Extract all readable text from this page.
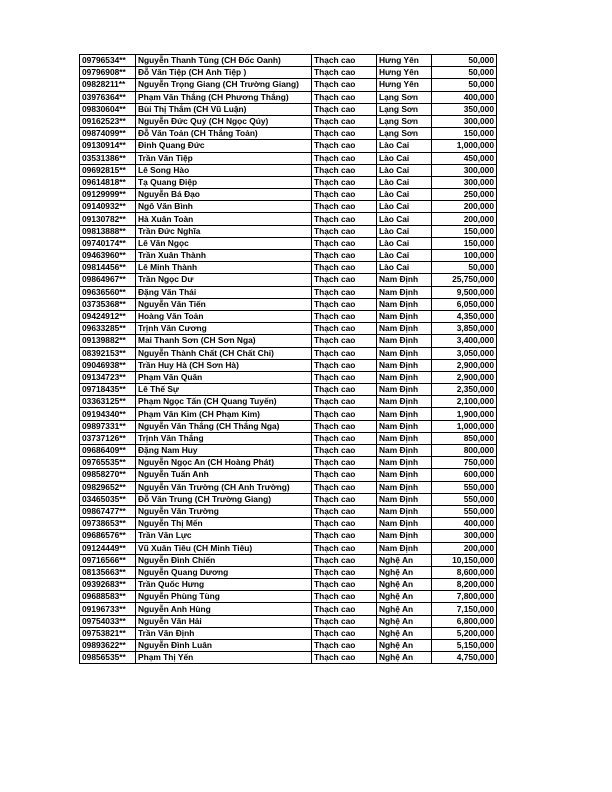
09796534**	Nguyễn Thanh Tùng (CH Đốc Oanh)	Thạch cao	Hưng Yên	50,000
09796908**	Đỗ Văn Tiệp (CH Anh Tiệp )	Thạch cao	Hưng Yên	50,000
09828211**	Nguyễn Trọng Giang (CH Trường Giang)	Thạch cao	Hưng Yên	50,000
03976364**	Phạm Văn Thắng (CH Phương Thắng)	Thạch cao	Lạng Sơn	400,000
09830604**	Bùi Thị Thắm (CH Vũ Luận)	Thạch cao	Lạng Sơn	350,000
09162523**	Nguyễn Đức Quý (CH Ngọc Qúy)	Thạch cao	Lạng Sơn	300,000
09874099**	Đỗ Văn Toản (CH Thắng Toản)	Thạch cao	Lạng Sơn	150,000
09130914**	Đinh Quang Đức	Thạch cao	Lào Cai	1,000,000
03531386**	Trần Văn Tiệp	Thạch cao	Lào Cai	450,000
09692815**	Lê Song Hào	Thạch cao	Lào Cai	300,000
09614818**	Tạ Quang Điệp	Thạch cao	Lào Cai	300,000
09129999**	Nguyễn Bá Đạo	Thạch cao	Lào Cai	250,000
09140932**	Ngô Văn Bình	Thạch cao	Lào Cai	200,000
09130782**	Hà Xuân Toàn	Thạch cao	Lào Cai	200,000
09813888**	Trần Đức Nghĩa	Thạch cao	Lào Cai	150,000
09740174**	Lê Văn Ngọc	Thạch cao	Lào Cai	150,000
09463960**	Trần Xuân Thành	Thạch cao	Lào Cai	100,000
09814456**	Lê Minh Thành	Thạch cao	Lào Cai	50,000
09864967**	Trần Ngọc Dư	Thạch cao	Nam Định	25,750,000
09636560**	Đặng Văn Thái	Thạch cao	Nam Định	9,500,000
03735368**	Nguyễn Văn Tiến	Thạch cao	Nam Định	6,050,000
09424912**	Hoàng Văn Toản	Thạch cao	Nam Định	4,350,000
09633285**	Trịnh Văn Cương	Thạch cao	Nam Định	3,850,000
09139882**	Mai Thanh Sơn (CH Sơn Nga)	Thạch cao	Nam Định	3,400,000
08392153**	Nguyễn Thành Chất (CH Chất Chi)	Thạch cao	Nam Định	3,050,000
09046938**	Trần Huy Hà (CH Sơn Hà)	Thạch cao	Nam Định	2,900,000
09134723**	Phạm Văn Quân	Thạch cao	Nam Định	2,900,000
09718435**	Lê Thế Sự	Thạch cao	Nam Định	2,350,000
03363125**	Phạm Ngọc Tấn (CH Quang Tuyến)	Thạch cao	Nam Định	2,100,000
09194340**	Phạm Văn Kim (CH Phạm Kim)	Thạch cao	Nam Định	1,900,000
09897331**	Nguyễn Văn Thắng (CH Thắng Nga)	Thạch cao	Nam Định	1,000,000
03737126**	Trịnh Văn Thắng	Thạch cao	Nam Định	850,000
09686409**	Đặng Nam Huy	Thạch cao	Nam Định	800,000
09765535**	Nguyễn Ngọc An (CH Hoàng Phát)	Thạch cao	Nam Định	750,000
09858270**	Nguyễn Tuấn Anh	Thạch cao	Nam Định	600,000
09829652**	Nguyễn Văn Trường (CH Anh Trường)	Thạch cao	Nam Định	550,000
03465035**	Đỗ Văn Trung (CH Trường Giang)	Thạch cao	Nam Định	550,000
09867477**	Nguyễn Văn Trường	Thạch cao	Nam Định	550,000
09738653**	Nguyễn Thị Mến	Thạch cao	Nam Định	400,000
09686576**	Trần Văn Lực	Thạch cao	Nam Định	300,000
09124449**	Vũ Xuân Tiêu (CH Minh Tiêu)	Thạch cao	Nam Định	200,000
09716566**	Nguyễn Đình Chiến	Thạch cao	Nghệ An	10,150,000
08135663**	Nguyễn Quang Dương	Thạch cao	Nghệ An	8,600,000
09392683**	Trần Quốc Hưng	Thạch cao	Nghệ An	8,200,000
09688583**	Nguyễn Phùng Tùng	Thạch cao	Nghệ An	7,800,000
09196733**	Nguyễn Anh Hùng	Thạch cao	Nghệ An	7,150,000
09754033**	Nguyễn Văn Hải	Thạch cao	Nghệ An	6,800,000
09753821**	Trần Văn Định	Thạch cao	Nghệ An	5,200,000
09893622**	Nguyễn Đình Luân	Thạch cao	Nghệ An	5,150,000
09856535**	Phạm Thị Yến	Thạch cao	Nghệ An	4,750,000
